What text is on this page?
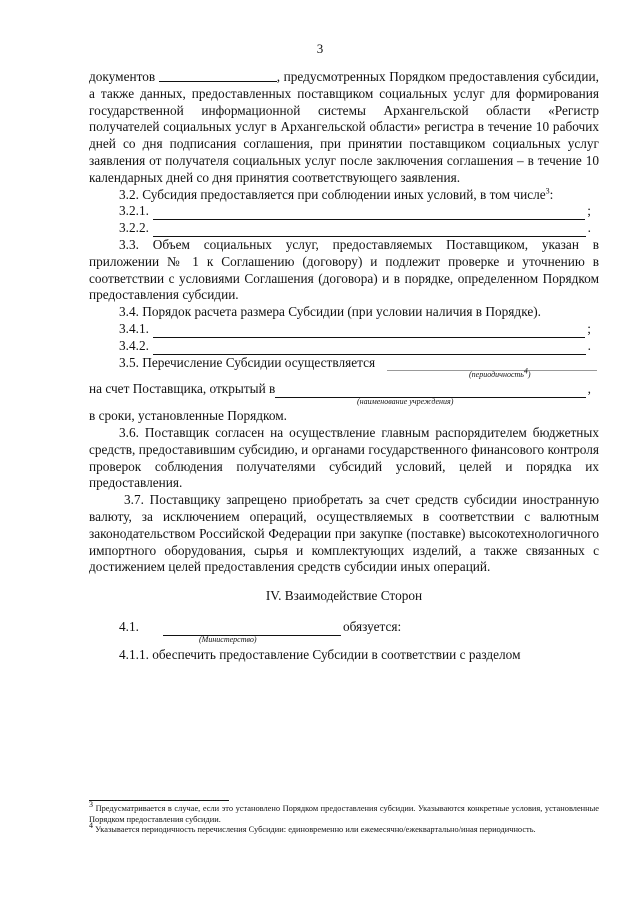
3

документов	, предусмотренных Порядком предоставления субсидии, а также данных, предоставленных поставщиком социальных услуг для формирования государственной информационной системы Архангельской области «Регистр получателей социальных услуг в Архангельской области» регистра в течение 10 рабочих дней со дня подписания соглашения, при принятии поставщиком социальных услуг заявления от получателя социальных услуг после заключения соглашения – в течение 10 календарных дней со дня принятия соответствующего заявления.

3.2. Субсидия предоставляется при соблюдении иных условий, в том числе$^3$:

3.2.1.	;
3.2.2.	.

3.3. Объем социальных услуг, предоставляемых Поставщиком, указан в приложении № 1 к Соглашению (договору) и подлежит проверке и уточнению в соответствии с условиями Соглашения (договора) и в порядке, определенном Порядком предоставления субсидии.

3.4. Порядок расчета размера Субсидии (при условии наличия в Порядке).

3.4.1.	;
3.4.2.	.
3.5. Перечисление Субсидии осуществляется
(периодичность$^4$)
на счет Поставщика, открытый в	,
(наименование учреждения)

в сроки, установленные Порядком.

3.6. Поставщик согласен на осуществление главным распорядителем бюджетных средств, предоставившим субсидию, и органами государственного финансового контроля проверок соблюдения получателями субсидий условий, целей и порядка их предоставления.

3.7. Поставщику запрещено приобретать за счет средств субсидии иностранную валюту, за исключением операций, осуществляемых в соответствии с валютным законодательством Российской Федерации при закупке (поставке) высокотехнологичного импортного оборудования, сырья и комплектующих изделий, а также связанных с достижением целей предоставления средств субсидии иных операций.

IV. Взаимодействие Сторон
4.1.	обязуется:
(Министерство)

4.1.1. обеспечить предоставление Субсидии в соответствии с разделом

$^3$ Предусматривается в случае, если это установлено Порядком предоставления субсидии. Указываются конкретные условия, установленные Порядком предоставления субсидии.

$^4$ Указывается периодичность перечисления Субсидии: единовременно или ежемесячно/ежеквартально/иная периодичность.
